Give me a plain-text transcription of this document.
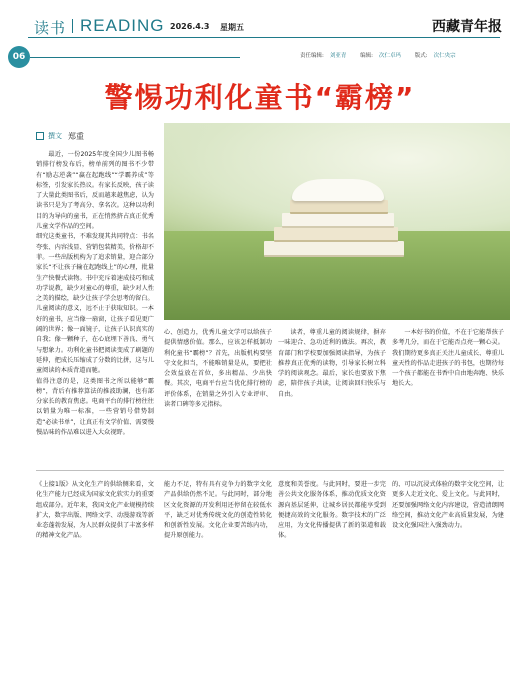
读书 READING 2026.4.3 星期五	西藏青年报
06	责任编辑: 刘亚青	编辑: 次仁卓玛	版式: 次仁央宗
警惕功利化童书“霸榜”
撰文 郑重
最近，一份2025年度全国少儿图书畅销排行榜发布后，榜单前列的图书不少带有“励志逆袭”“赢在起跑线”“学霸养成”等标签，引发家长热议。有家长反映，孩子读了大量此类图书后，反而越来越焦虑，认为读书只是为了考高分、拿名次。这种以功利目的为导向的童书，正在悄然挤占真正优秀儿童文学作品的空间。
细究这类童书，不难发现其共同特点：书名夸张、内容浅显、营销包装精美，价格却不菲。一些出版机构为了追求销量，迎合部分家长“不让孩子输在起跑线上”的心理，批量生产快餐式读物。书中充斥着速成技巧和成功学说教，缺少对童心的尊重，缺少对人性之美的描绘，缺少让孩子学会思考的留白。
儿童阅读的意义，远不止于获取知识。一本好的童书，应当像一扇窗，让孩子看见更广阔的世界；像一面镜子，让孩子认识真实的自我；像一颗种子，在心底埋下善良、勇气与想象力。功利化童书把阅读变成了刷题的延伸，把成长压缩成了分数的比拼，这与儿童阅读的本质背道而驰。
值得注意的是，这类图书之所以能够“霸榜”，背后有推荐算法的推波助澜，也有部分家长的教育焦虑。电商平台的排行榜往往以销量为唯一标准，一些营销号借势制造“必读书单”，让真正有文学价值、需要慢慢品味的作品难以进入大众视野。
心、创造力，优秀儿童文学可以给孩子提供情感价值。那么，应该怎样抵制功利化童书“霸榜”？首先，出版机构要坚守文化担当，不能唯销量是从，要把社会效益放在首位，多出精品、少出快餐。其次，电商平台应当优化排行榜的评价体系，在销量之外引入专业评审、读者口碑等多元指标。
读者，尊重儿童的阅读规律，摒弃一味迎合、急功近利的做法。再次，教育部门和学校要加强阅读指导，为孩子推荐真正优秀的读物，引导家长树立科学的阅读观念。最后，家长也要放下焦虑，陪伴孩子共读，让阅读回归快乐与自由。
一本好书的价值，不在于它能帮孩子多考几分，而在于它能否点亮一颗心灵。我们期待更多真正关注儿童成长、尊重儿童天性的作品走进孩子的书包，也期待每一个孩子都能在书香中自由地奔跑、快乐地长大。
《上接1版》从文化生产的供给侧来看，文化生产能力已经成为国家文化软实力的重要组成部分。近年来，我国文化产业规模持续扩大，数字出版、网络文学、动漫游戏等新业态蓬勃发展，为人民群众提供了丰富多样的精神文化产品。
能力不足，特有具有竞争力的数字文化产品供给仍然不足。与此同时，部分地区文化资源的开发利用还停留在较低水平，缺乏对优秀传统文化的创造性转化和创新性发展。文化企业要苦练内功，提升原创能力。
意度和美誉度。与此同时，要进一步完善公共文化服务体系，推动优质文化资源向基层延伸，让城乡居民都能享受到便捷高效的文化服务。数字技术的广泛应用，为文化传播提供了新的渠道和载体。
的、可以沉浸式体验的数字文化空间，让更多人走近文化、爱上文化。与此同时，还要加强网络文化内容建设，营造清朗网络空间，推动文化产业高质量发展，为建设文化强国注入强劲动力。
